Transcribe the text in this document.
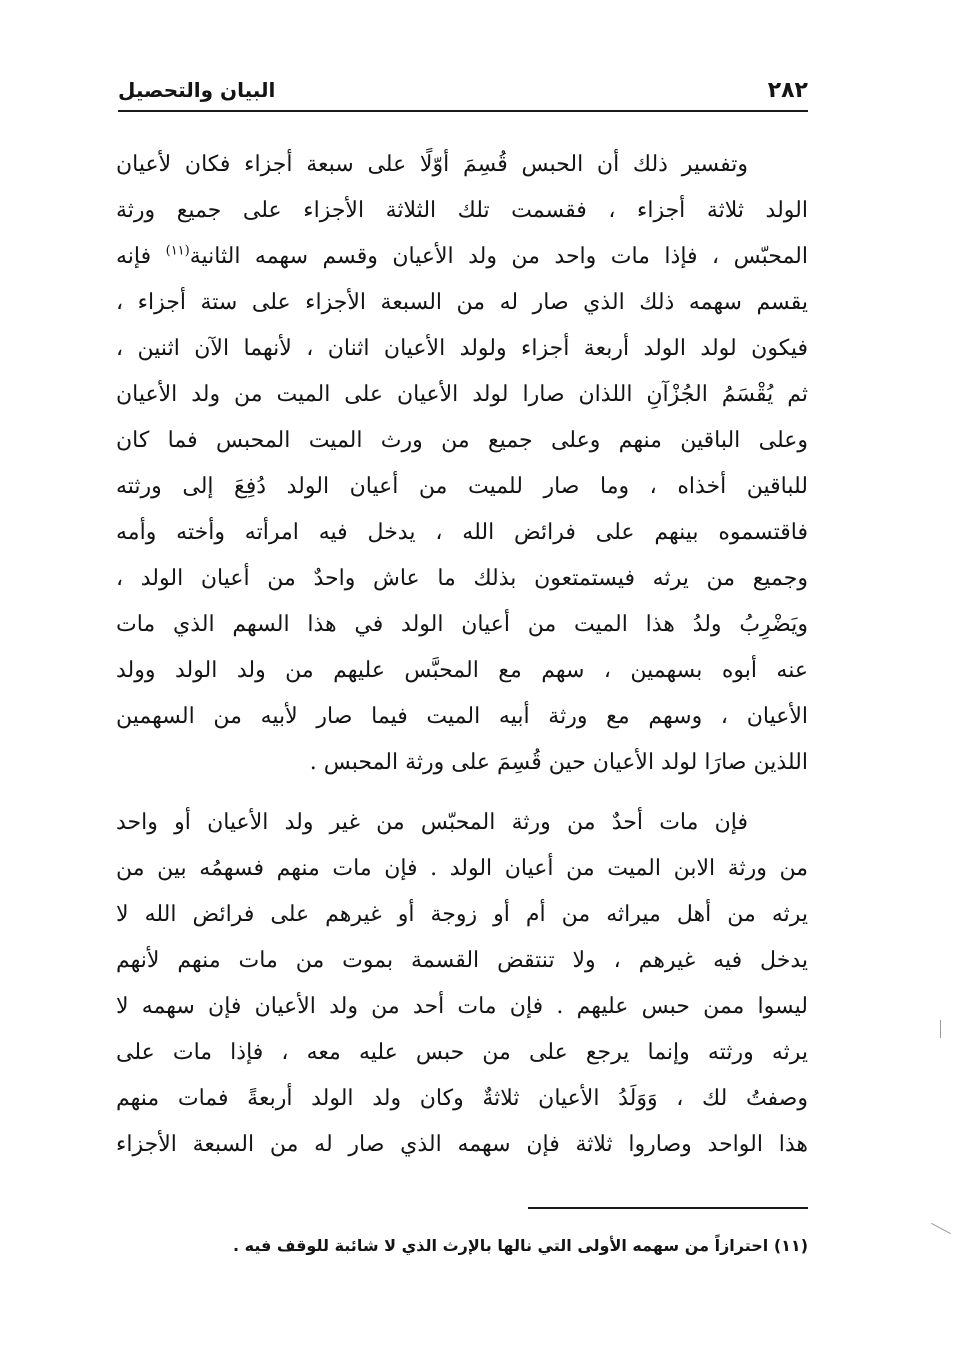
٢٨٢
البيان والتحصيل
وتفسير ذلك أن الحبس قُسِمَ أوّلًا على سبعة أجزاء فكان لأعيان
الولد ثلاثة أجزاء ، فقسمت تلك الثلاثة الأجزاء على جميع ورثة
المحبّس ، فإذا مات واحد من ولد الأعيان وقسم سهمه الثانية$^{(١١)}$ فإنه
يقسم سهمه ذلك الذي صار له من السبعة الأجزاء على ستة أجزاء ،
فيكون لولد الولد أربعة أجزاء ولولد الأعيان اثنان ، لأنهما الآن اثنين ،
ثم يُقْسَمُ الجُزْآنِ اللذان صارا لولد الأعيان على الميت من ولد الأعيان
وعلى الباقين منهم وعلى جميع من ورث الميت المحبس فما كان
للباقين أخذاه ، وما صار للميت من أعيان الولد دُفِعَ إلى ورثته
فاقتسموه بينهم على فرائض الله ، يدخل فيه امرأته وأخته وأمه
وجميع من يرثه فيستمتعون بذلك ما عاش واحدٌ من أعيان الولد ،
ويَضْرِبُ ولدُ هذا الميت من أعيان الولد في هذا السهم الذي مات
عنه أبوه بسهمين ، سهم مع المحبَّس عليهم من ولد الولد وولد
الأعيان ، وسهم مع ورثة أبيه الميت فيما صار لأبيه من السهمين
اللذين صارَا لولد الأعيان حين قُسِمَ على ورثة المحبس .
فإن مات أحدٌ من ورثة المحبّس من غير ولد الأعيان أو واحد
من ورثة الابن الميت من أعيان الولد . فإن مات منهم فسهمُه بين من
يرثه من أهل ميراثه من أم أو زوجة أو غيرهم على فرائض الله لا
يدخل فيه غيرهم ، ولا تنتقض القسمة بموت من مات منهم لأنهم
ليسوا ممن حبس عليهم . فإن مات أحد من ولد الأعيان فإن سهمه لا
يرثه ورثته وإنما يرجع على من حبس عليه معه ، فإذا مات على
وصفتُ لك ، وَوَلَدُ الأعيان ثلاثةٌ وكان ولد الولد أربعةً فمات منهم
هذا الواحد وصاروا ثلاثة فإن سهمه الذي صار له من السبعة الأجزاء
(١١) احترازاً من سهمه الأولى التي نالها بالإرث الذي لا شائبة للوقف فيه .
